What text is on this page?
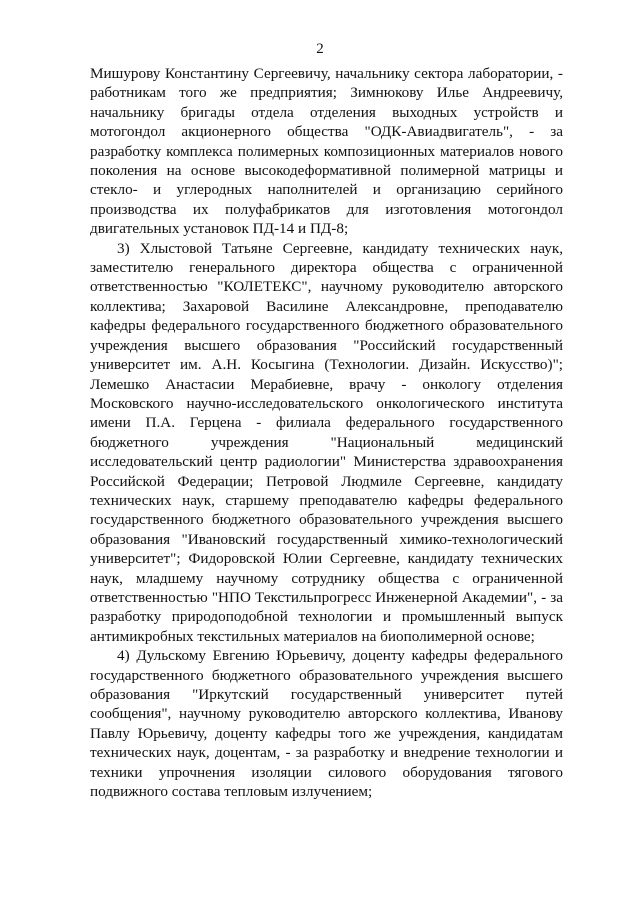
2

Мишурову Константину Сергеевичу, начальнику сектора лаборатории, - работникам того же предприятия; Зимнюкову Илье Андреевичу, начальнику бригады отдела отделения выходных устройств и мотогондол акционерного общества "ОДК-Авиадвигатель", - за разработку комплекса полимерных композиционных материалов нового поколения на основе высокодеформативной полимерной матрицы и стекло- и углеродных наполнителей и организацию серийного производства их полуфабрикатов для изготовления мотогондол двигательных установок ПД-14 и ПД-8;

3) Хлыстовой Татьяне Сергеевне, кандидату технических наук, заместителю генерального директора общества с ограниченной ответственностью "КОЛЕТЕКС", научному руководителю авторского коллектива; Захаровой Василине Александровне, преподавателю кафедры федерального государственного бюджетного образовательного учреждения высшего образования "Российский государственный университет им. А.Н. Косыгина (Технологии. Дизайн. Искусство)"; Лемешко Анастасии Мерабиевне, врачу - онкологу отделения Московского научно-исследовательского онкологического института имени П.А. Герцена - филиала федерального государственного бюджетного учреждения "Национальный медицинский исследовательский центр радиологии" Министерства здравоохранения Российской Федерации; Петровой Людмиле Сергеевне, кандидату технических наук, старшему преподавателю кафедры федерального государственного бюджетного образовательного учреждения высшего образования "Ивановский государственный химико-технологический университет"; Фидоровской Юлии Сергеевне, кандидату технических наук, младшему научному сотруднику общества с ограниченной ответственностью "НПО Текстильпрогресс Инженерной Академии", - за разработку природоподобной технологии и промышленный выпуск антимикробных текстильных материалов на биополимерной основе;

4) Дульскому Евгению Юрьевичу, доценту кафедры федерального государственного бюджетного образовательного учреждения высшего образования "Иркутский государственный университет путей сообщения", научному руководителю авторского коллектива, Иванову Павлу Юрьевичу, доценту кафедры того же учреждения, кандидатам технических наук, доцентам, - за разработку и внедрение технологии и техники упрочнения изоляции силового оборудования тягового подвижного состава тепловым излучением;
